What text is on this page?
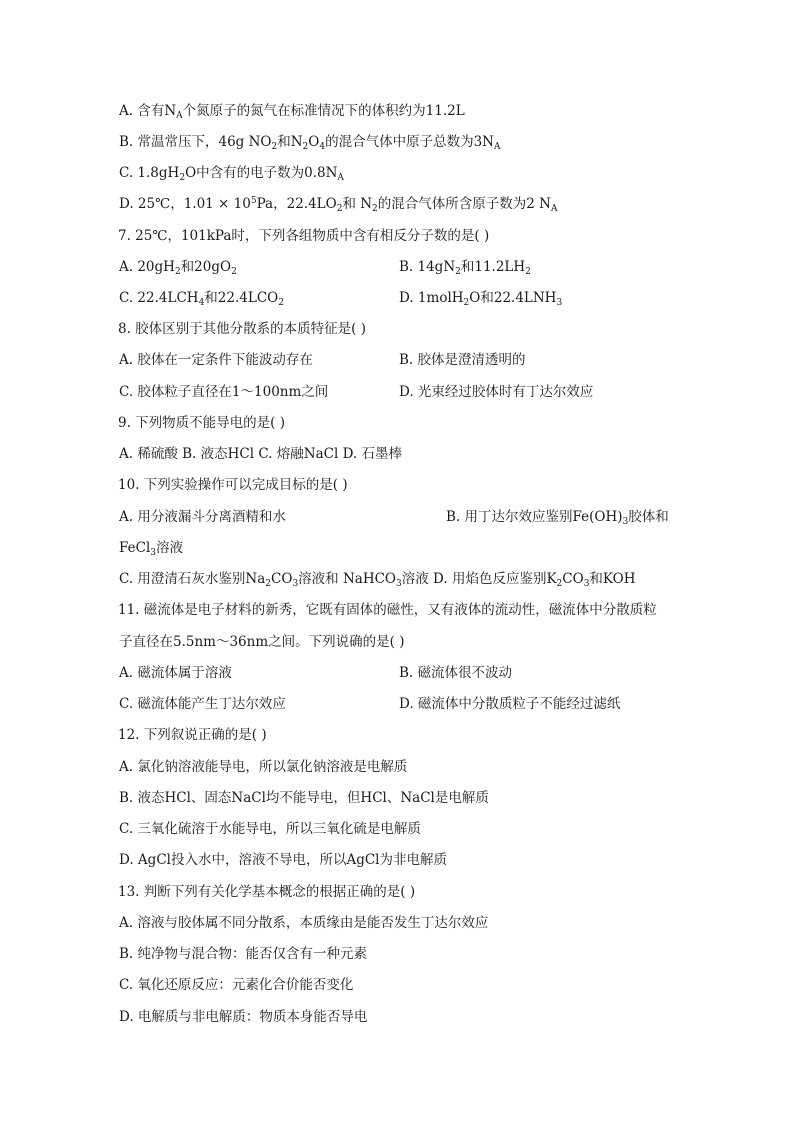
A. 含有$N_A$个氮原子的氮气在标准情况下的体积约为11.2L
B. 常温常压下，46g $NO_2$和$N_2O_4$的混合气体中原子总数为$3N_A$
C. $1.8gH_2O$中含有的电子数为$0.8N_A$
D. 25℃，$1.01 \times 10^5Pa$，$22.4LO_2$和 $N_2$的混合气体所含原子数为2 $N_A$
7. 25℃，101kPa时，下列各组物质中含有相反分子数的是( )
A. $20gH_2$和$20gO_2$	B. $14gN_2$和$11.2LH_2$
C. $22.4LCH_4$和$22.4LCO_2$	D. 1molH$_2$O和$22.4LNH_3$
8. 胶体区别于其他分散系的本质特征是( )
A. 胶体在一定条件下能波动存在	B. 胶体是澄清透明的
C. 胶体粒子直径在1～100nm之间	D. 光束经过胶体时有丁达尔效应
9. 下列物质不能导电的是( )
A. 稀硫酸 B. 液态HCl C. 熔融NaCl D. 石墨棒
10. 下列实验操作可以完成目标的是( )
A. 用分液漏斗分离酒精和水	B. 用丁达尔效应鉴别$Fe(OH)_3$胶体和
FeCl$_3$溶液
C. 用澄清石灰水鉴别$Na_2CO_3$溶液和 NaHCO$_3$溶液 D. 用焰色反应鉴别$K_2CO_3$和KOH
11. 磁流体是电子材料的新秀，它既有固体的磁性，又有液体的流动性，磁流体中分散质粒
子直径在5.5nm～36nm之间。下列说确的是( )
A. 磁流体属于溶液	B. 磁流体很不波动
C. 磁流体能产生丁达尔效应	D. 磁流体中分散质粒子不能经过滤纸
12. 下列叙说正确的是( )
A. 氯化钠溶液能导电，所以氯化钠溶液是电解质
B. 液态HCl、固态NaCl均不能导电，但HCl、NaCl是电解质
C. 三氧化硫溶于水能导电，所以三氧化硫是电解质
D. AgCl投入水中，溶液不导电，所以AgCl为非电解质
13. 判断下列有关化学基本概念的根据正确的是( )
A. 溶液与胶体属不同分散系，本质缘由是能否发生丁达尔效应
B. 纯净物与混合物：能否仅含有一种元素
C. 氧化还原反应：元素化合价能否变化
D. 电解质与非电解质：物质本身能否导电
